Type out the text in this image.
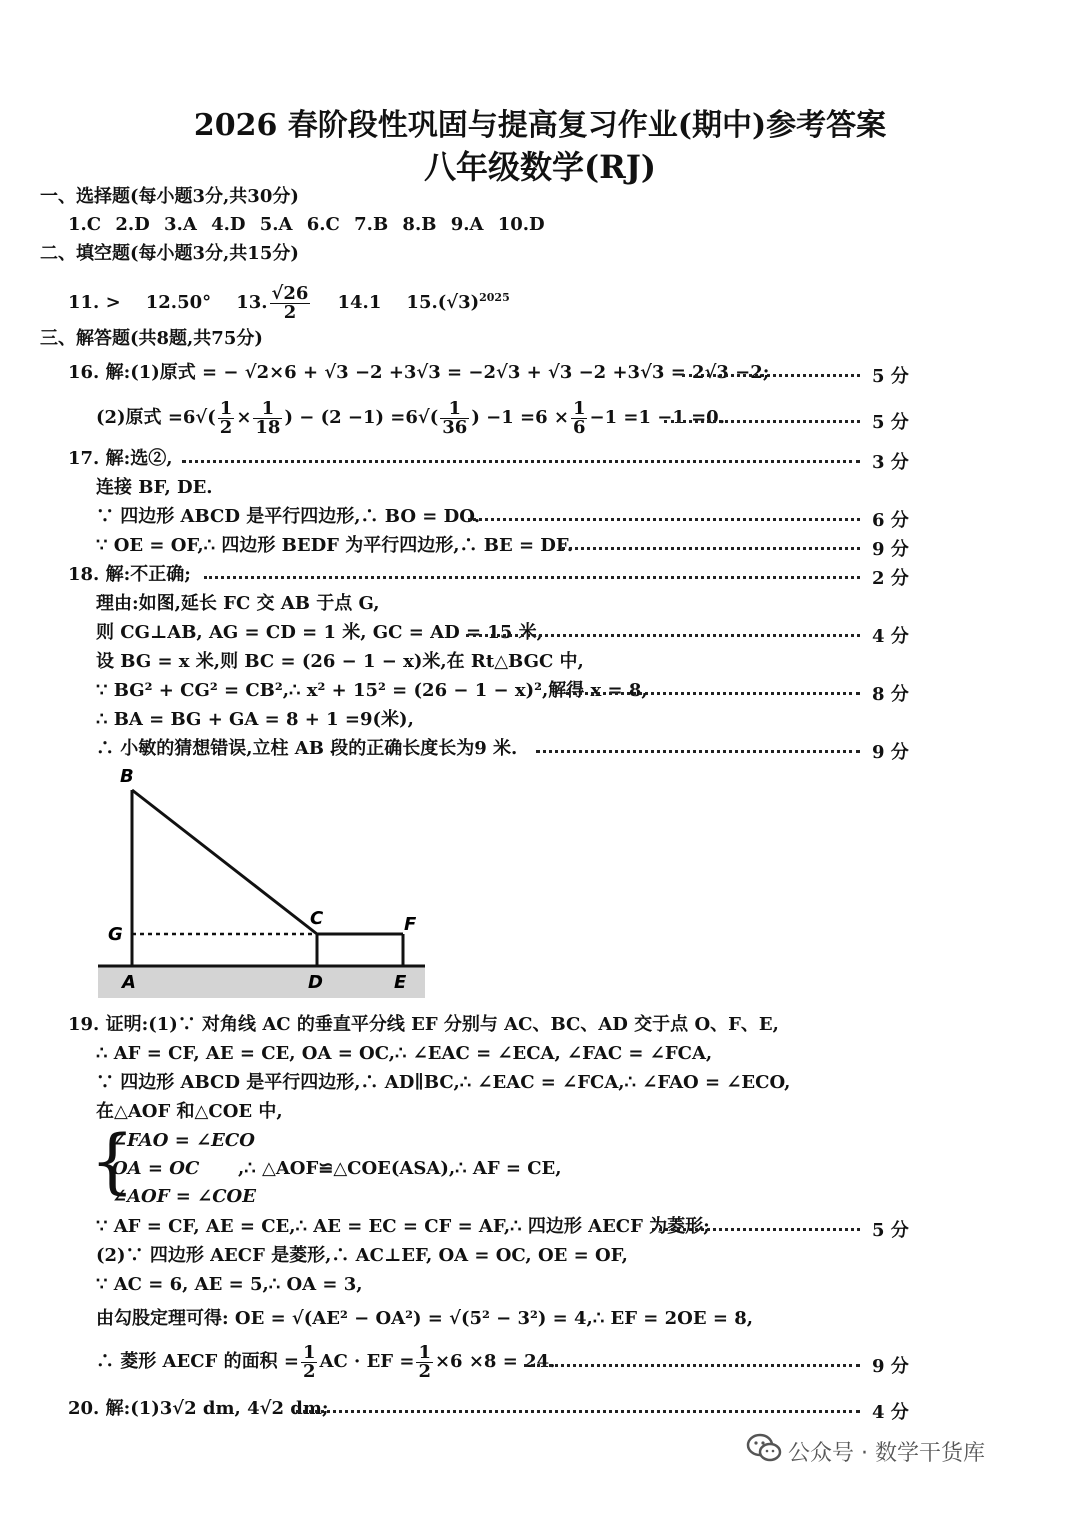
2026 春阶段性巩固与提高复习作业(期中)参考答案
八年级数学(RJ)
一、选择题(每小题3分,共30分)
1.C 2.D 3.A 4.D 5.A 6.C 7.B 8.B 9.A 10.D
二、填空题(每小题3分,共15分)
11. > 12.50° 13. $\frac{√26}{2} 14.1$ $15.(√3)^{2025}$
三、解答题(共8题,共75分)
16. 解:(1)原式 = − √2×6 + √3 −2 +3√3 = −2√3 + √3 −2 +3√3 = 2√3 −2;	5 分
(2)原式 $=6√( \frac{1}{2} \times \frac{1}{18}$ ) − $(2 -1) =6√( \frac{1}{36}$ ) $-1 =6 \times \frac{1}{6} -1 =1 -1 =0$.	5 分
17. 解:选②,	3 分
连接 BF, DE.
∵ 四边形 ABCD 是平行四边形,∴ BO = DO.	6 分
∵ OE = OF,∴ 四边形 BEDF 为平行四边形,∴ BE = DF.	9 分
18. 解:不正确;	2 分
理由:如图,延长 FC 交 AB 于点 G,
则 CG⊥AB, AG = CD = 1 米, GC = AD = 15 米,	4 分
设 BG = x 米,则 BC = (26 − 1 − x)米,在 Rt△BGC 中,
∵ BG² + CG² = CB²,∴ x² + 15² = (26 − 1 − x)²,解得 x = 8,	8 分
∴ BA = BG + GA = 8 + 1 =9(米),
∴ 小敏的猜想错误,立柱 AB 段的正确长度长为9 米.	9 分
B
G
A
C	F
D	E
19. 证明:(1)∵ 对角线 AC 的垂直平分线 EF 分别与 AC、BC、AD 交于点 O、F、E,
∴ AF = CF, AE = CE, OA = OC,∴ ∠EAC = ∠ECA, ∠FAC = ∠FCA,
∵ 四边形 ABCD 是平行四边形,∴ AD∥BC,∴ ∠EAC = ∠FCA,∴ ∠FAO = ∠ECO,
在△AOF 和△COE 中,
{
∠FAO = ∠ECO
OA = OC
∠AOF = ∠COE
,∴ △AOF≌△COE(ASA),∴ AF = CE,
∵ AF = CF, AE = CE,∴ AE = EC = CF = AF,∴ 四边形 AECF 为菱形;	5 分
(2)∵ 四边形 AECF 是菱形,∴ AC⊥EF, OA = OC, OE = OF,
∵ AC = 6, AE = 5,∴ OA = 3,
由勾股定理可得: OE = √(AE² − OA²) = √(5² − 3²) = 4,∴ EF = 2OE = 8,
∴ 菱形 AECF 的面积 = $\frac{1}{2}$ AC · EF = $\frac{1}{2} \times 6 \times 8 = 24$.	9 分
20. 解:(1)3√2 dm, 4√2 dm;	4 分
公众号 · 数学干货库
